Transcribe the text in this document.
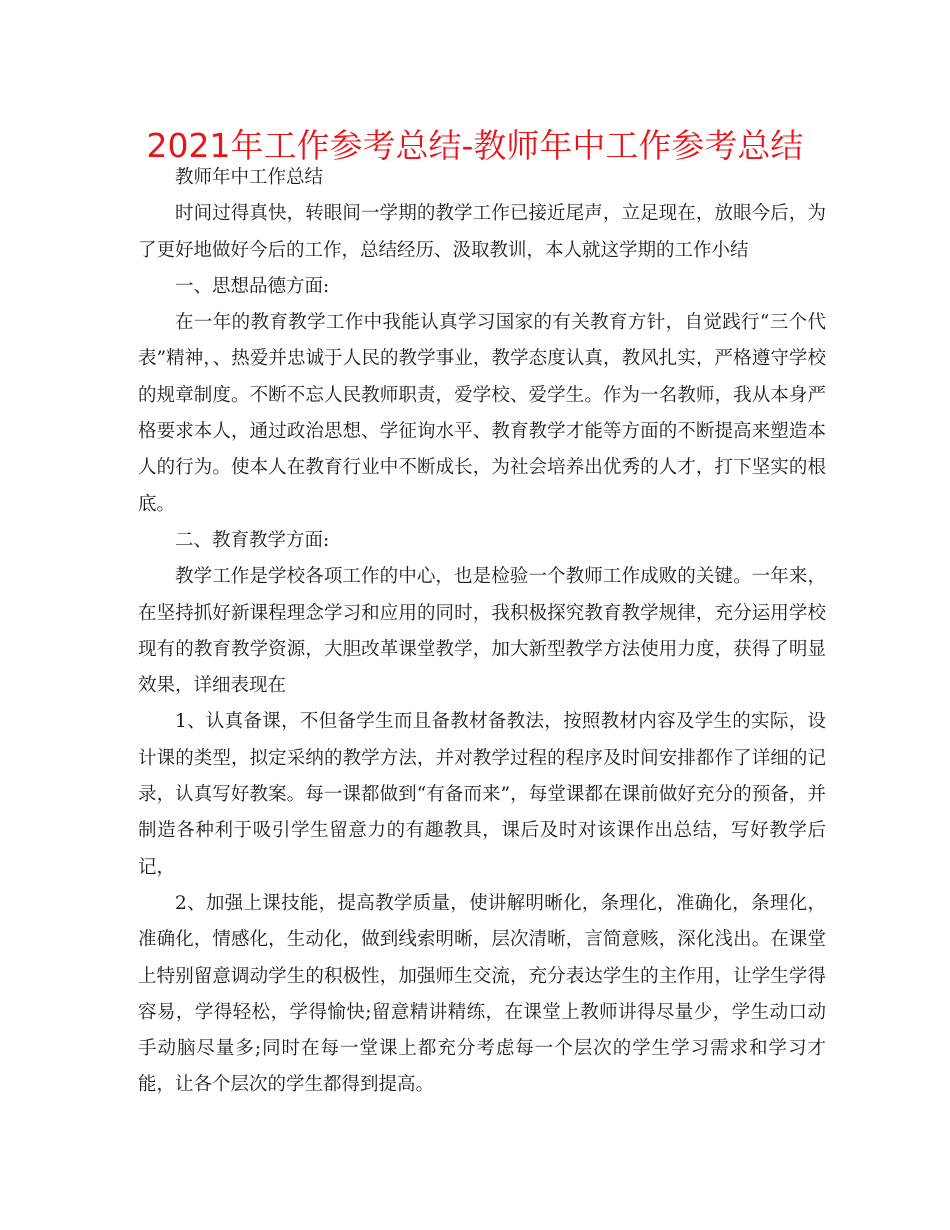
2021年工作参考总结-教师年中工作参考总结

教师年中工作总结

时间过得真快，转眼间一学期的教学工作已接近尾声，立足现在，放眼今后，为了更好地做好今后的工作，总结经历、汲取教训，本人就这学期的工作小结

一、思想品德方面:

在一年的教育教学工作中我能认真学习国家的有关教育方针，自觉践行“三个代表”精神，、热爱并忠诚于人民的教学事业，教学态度认真，教风扎实，严格遵守学校的规章制度。不断不忘人民教师职责，爱学校、爱学生。作为一名教师，我从本身严格要求本人，通过政治思想、学征询水平、教育教学才能等方面的不断提高来塑造本人的行为。使本人在教育行业中不断成长，为社会培养出优秀的人才，打下坚实的根底。

二、教育教学方面:

教学工作是学校各项工作的中心，也是检验一个教师工作成败的关键。一年来，在坚持抓好新课程理念学习和应用的同时，我积极探究教育教学规律，充分运用学校现有的教育教学资源，大胆改革课堂教学，加大新型教学方法使用力度，获得了明显效果，详细表现在

1、认真备课，不但备学生而且备教材备教法，按照教材内容及学生的实际，设计课的类型，拟定采纳的教学方法，并对教学过程的程序及时间安排都作了详细的记录，认真写好教案。每一课都做到“有备而来”，每堂课都在课前做好充分的预备，并制造各种利于吸引学生留意力的有趣教具，课后及时对该课作出总结，写好教学后记，

2、加强上课技能，提高教学质量，使讲解明晰化，条理化，准确化，条理化，准确化，情感化，生动化，做到线索明晰，层次清晰，言简意赅，深化浅出。在课堂上特别留意调动学生的积极性，加强师生交流，充分表达学生的主作用，让学生学得容易，学得轻松，学得愉快;留意精讲精练，在课堂上教师讲得尽量少，学生动口动手动脑尽量多;同时在每一堂课上都充分考虑每一个层次的学生学习需求和学习才能，让各个层次的学生都得到提高。
